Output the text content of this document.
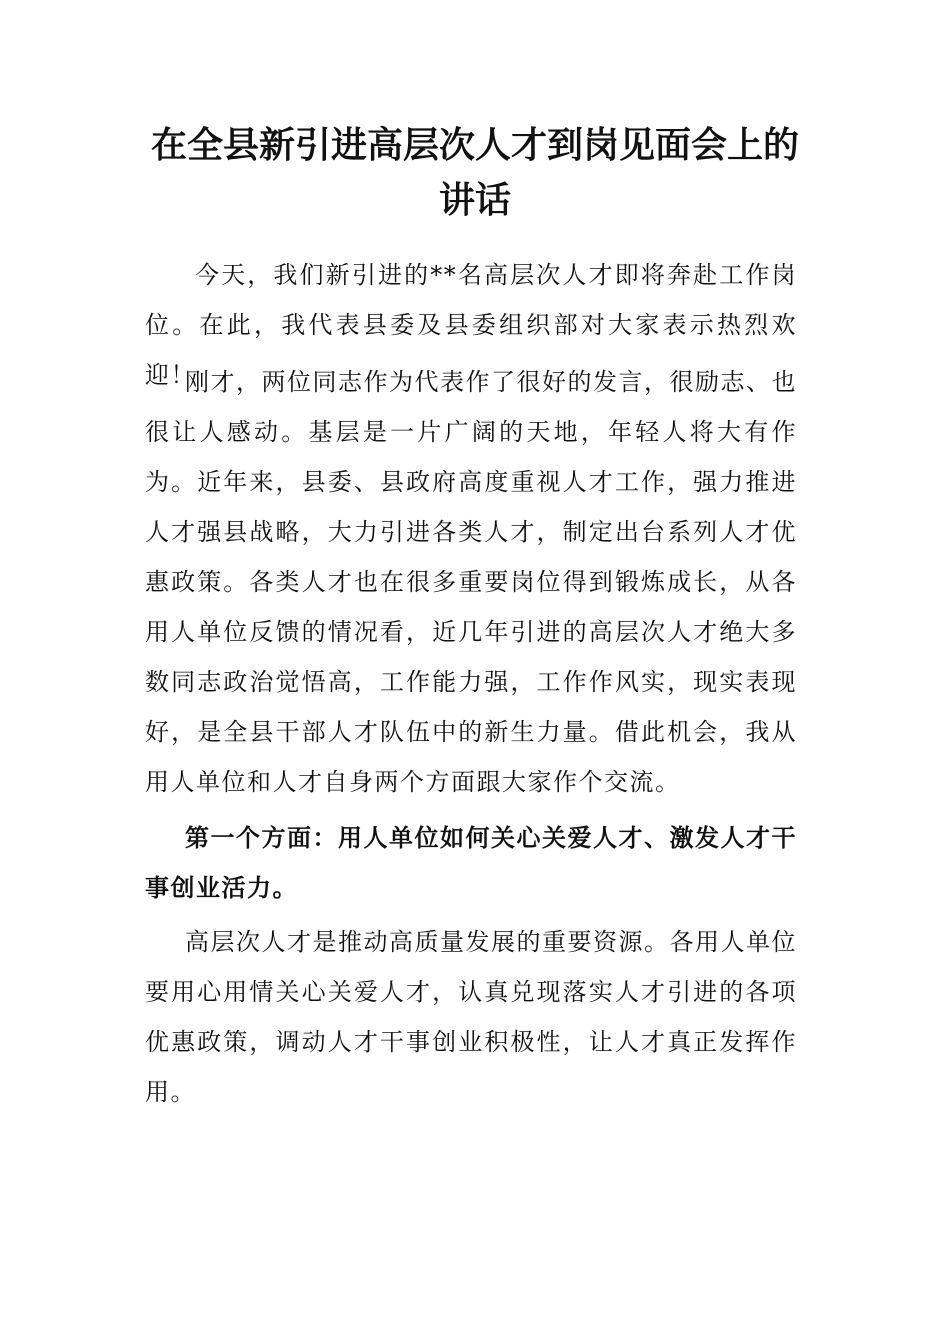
在全县新引进高层次人才到岗见面会上的讲话

今天，我们新引进的**名高层次人才即将奔赴工作岗位。在此，我代表县委及县委组织部对大家表示热烈欢迎！

刚才，两位同志作为代表作了很好的发言，很励志、也很让人感动。基层是一片广阔的天地，年轻人将大有作为。近年来，县委、县政府高度重视人才工作，强力推进人才强县战略，大力引进各类人才，制定出台系列人才优惠政策。各类人才也在很多重要岗位得到锻炼成长，从各用人单位反馈的情况看，近几年引进的高层次人才绝大多数同志政治觉悟高，工作能力强，工作作风实，现实表现好，是全县干部人才队伍中的新生力量。借此机会，我从用人单位和人才自身两个方面跟大家作个交流。

第一个方面：用人单位如何关心关爱人才、激发人才干事创业活力。

高层次人才是推动高质量发展的重要资源。各用人单位要用心用情关心关爱人才，认真兑现落实人才引进的各项优惠政策，调动人才干事创业积极性，让人才真正发挥作用。
